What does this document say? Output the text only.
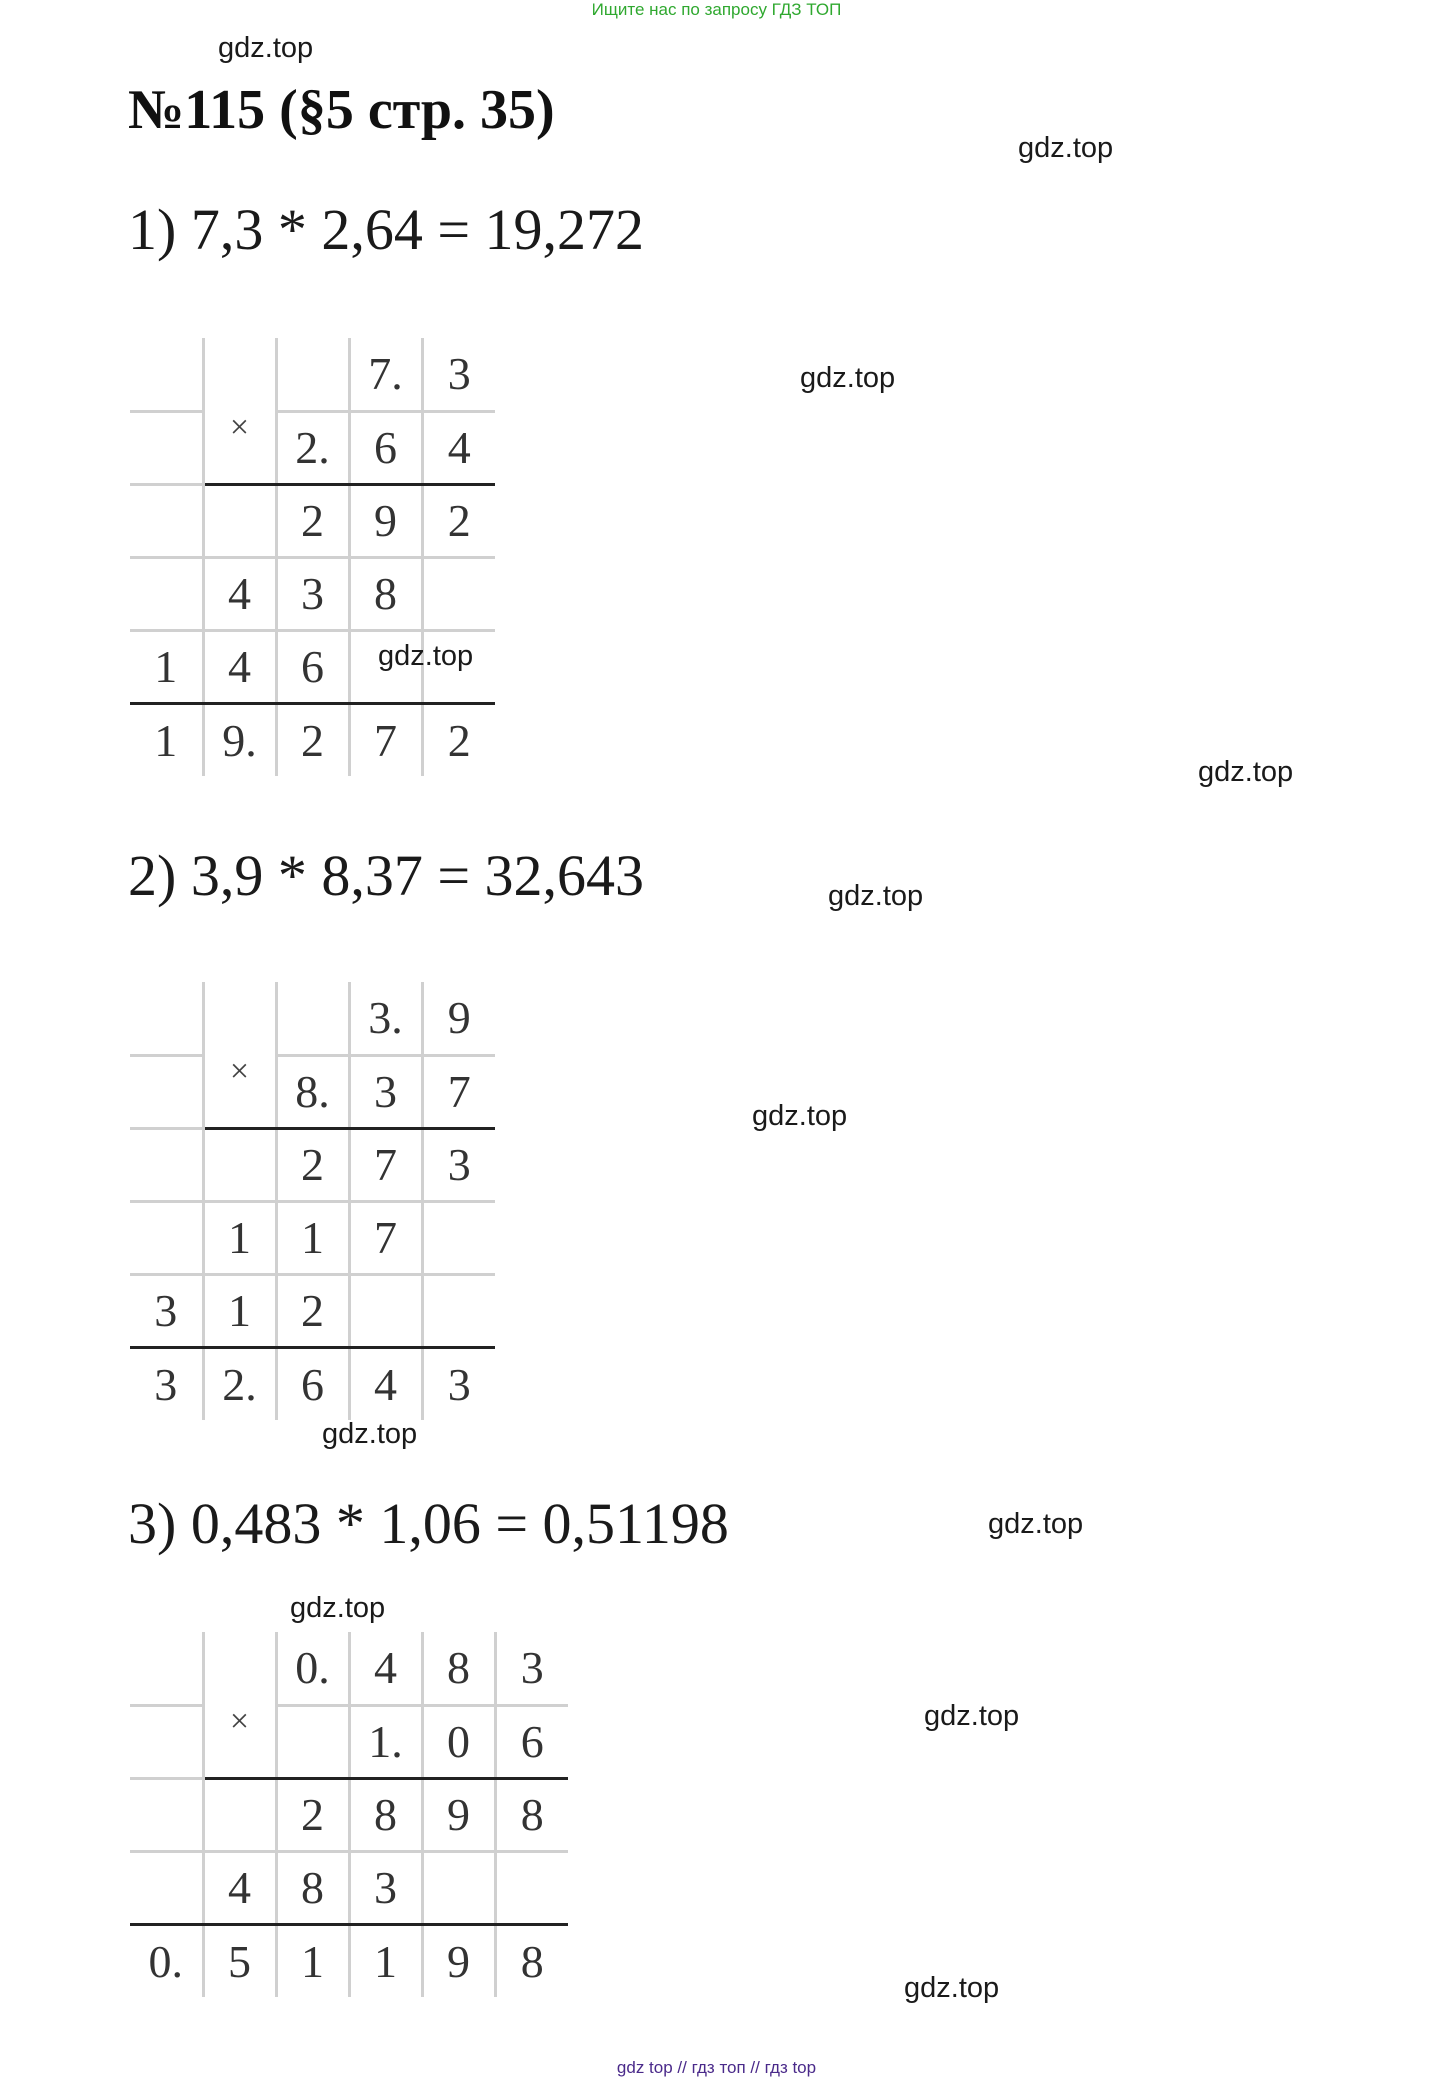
Ищите нас по запросу ГДЗ ТОП
gdz.top
№115 (§5 стр. 35)
gdz.top
1) 7,3 * 2,64 = 19,272
	×		7.	3
		2.	6	4
		2	9	2
	4	3	8	
1	4	6		
1	9.	2	7	2
gdz.top
gdz.top
gdz.top
2) 3,9 * 8,37 = 32,643	gdz.top
	×		3.	9
		8.	3	7
		2	7	3
	1	1	7	
3	1	2		
3	2.	6	4	3
gdz.top
gdz.top
3) 0,483 * 1,06 = 0,51198	gdz.top
gdz.top
	×	0.	4	8	3
			1.	0	6
		2	8	9	8
	4	8	3		
0.	5	1	1	9	8
gdz.top
gdz.top
gdz top // гдз топ // гдз top
